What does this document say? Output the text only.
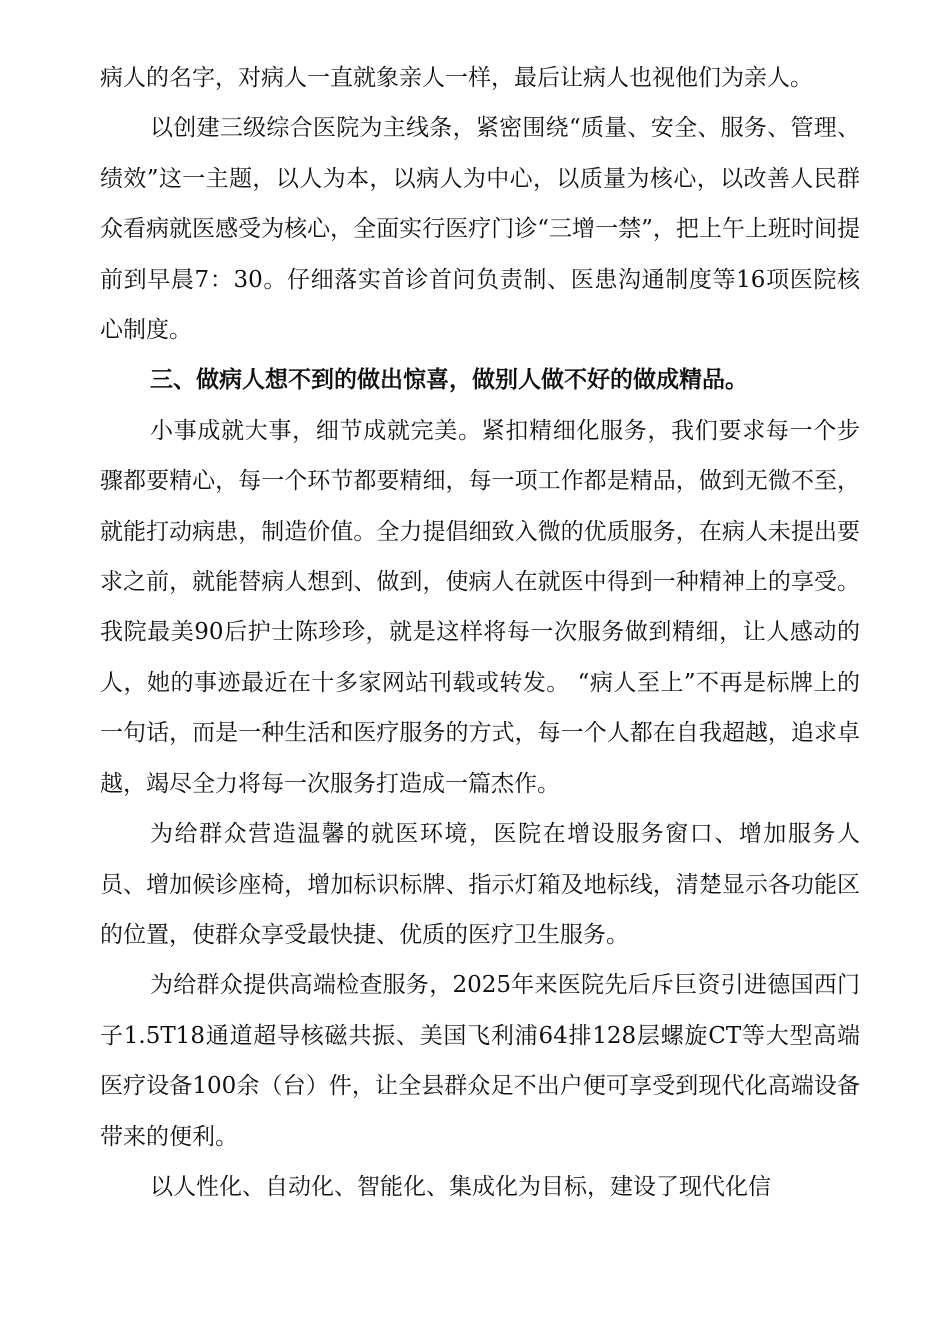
病人的名字，对病人一直就象亲人一样，最后让病人也视他们为亲人。

以创建三级综合医院为主线条，紧密围绕“质量、安全、服务、管理、绩效”这一主题，以人为本，以病人为中心，以质量为核心，以改善人民群众看病就医感受为核心，全面实行医疗门诊“三增一禁”，把上午上班时间提前到早晨7：30。仔细落实首诊首问负责制、医患沟通制度等16项医院核心制度。

三、做病人想不到的做出惊喜，做别人做不好的做成精品。

小事成就大事，细节成就完美。紧扣精细化服务，我们要求每一个步骤都要精心，每一个环节都要精细，每一项工作都是精品，做到无微不至，就能打动病患，制造价值。全力提倡细致入微的优质服务，在病人未提出要求之前，就能替病人想到、做到，使病人在就医中得到一种精神上的享受。我院最美90后护士陈珍珍，就是这样将每一次服务做到精细，让人感动的人，她的事迹最近在十多家网站刊载或转发。 “病人至上”不再是标牌上的一句话，而是一种生活和医疗服务的方式，每一个人都在自我超越，追求卓越，竭尽全力将每一次服务打造成一篇杰作。

为给群众营造温馨的就医环境，医院在增设服务窗口、增加服务人员、增加候诊座椅，增加标识标牌、指示灯箱及地标线，清楚显示各功能区的位置，使群众享受最快捷、优质的医疗卫生服务。

为给群众提供高端检查服务，2025年来医院先后斥巨资引进德国西门子1.5T18通道超导核磁共振、美国飞利浦64排128层螺旋CT等大型高端医疗设备100余（台）件，让全县群众足不出户便可享受到现代化高端设备带来的便利。

以人性化、自动化、智能化、集成化为目标，建设了现代化信
